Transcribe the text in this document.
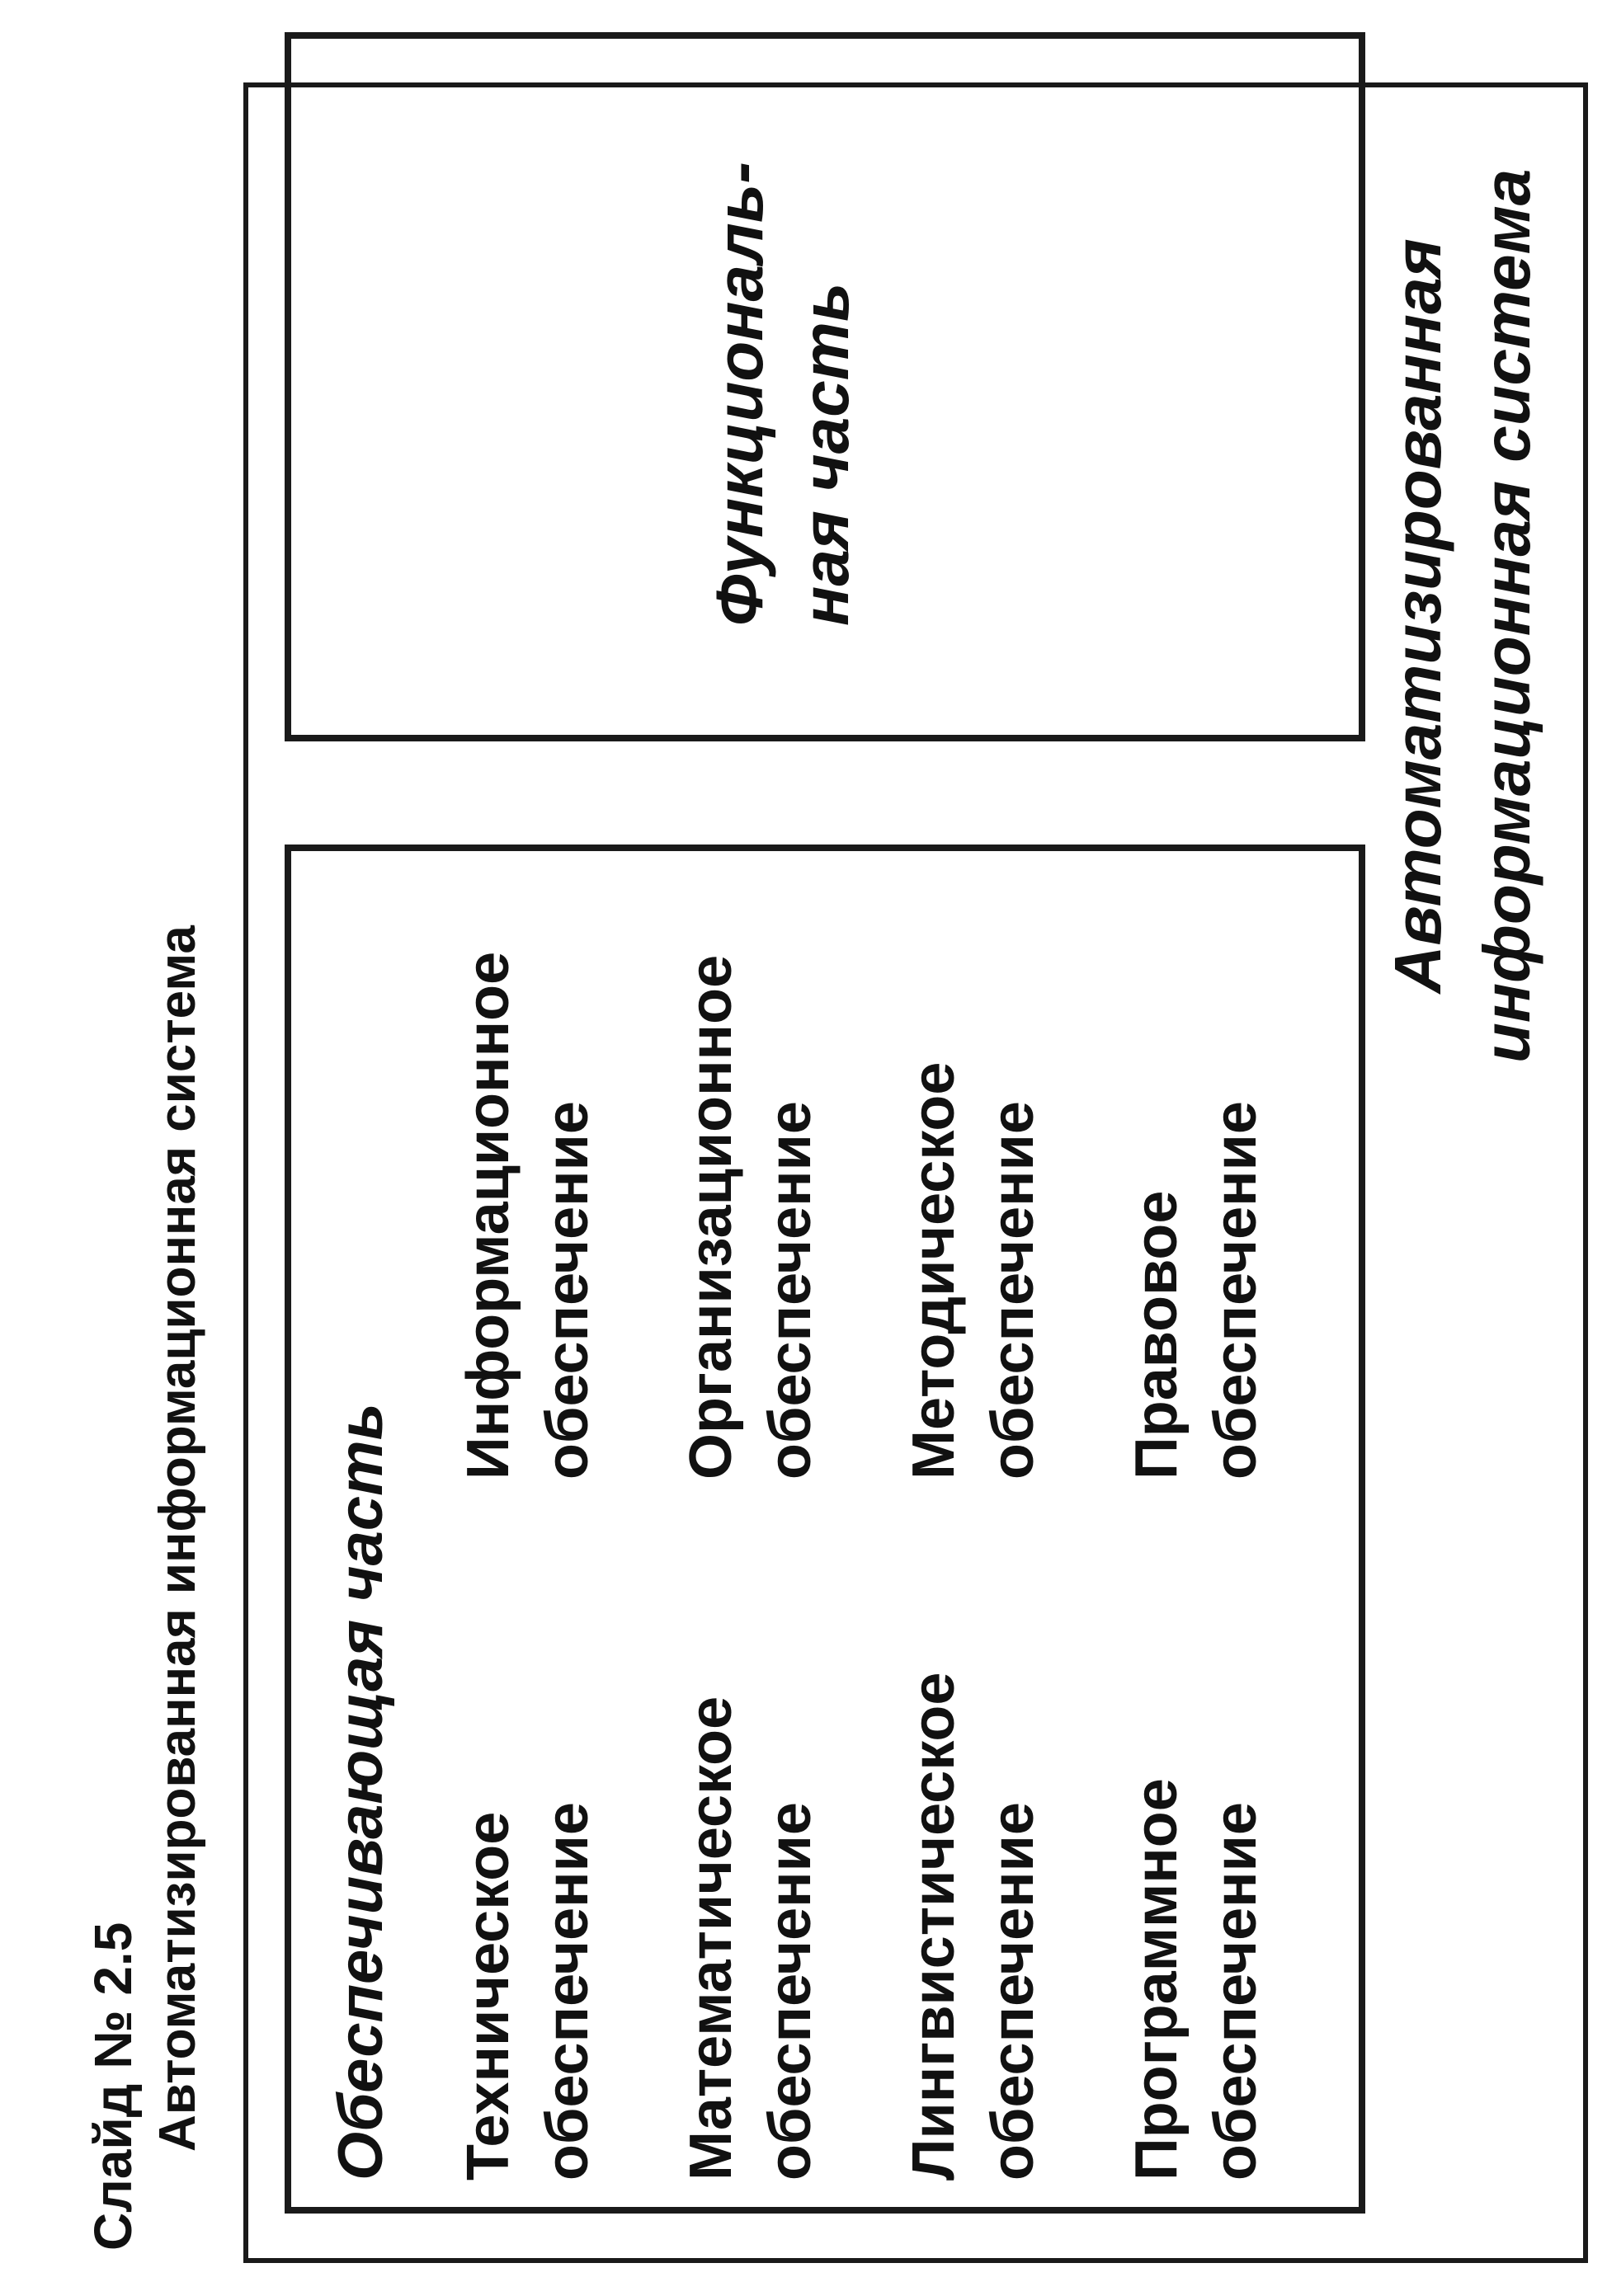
Слайд № 2.5 Автоматизированная информационная система Обеспечивающая часть Техническое обеспечение
Информационное обеспечение
Математическое обеспечение
Организационное обеспечение
Лингвистическое обеспечение
Методическое обеспечение
Программное обеспечение
Правовое обеспечение
Функциональ- ная часть	Автоматизированная информационная система
